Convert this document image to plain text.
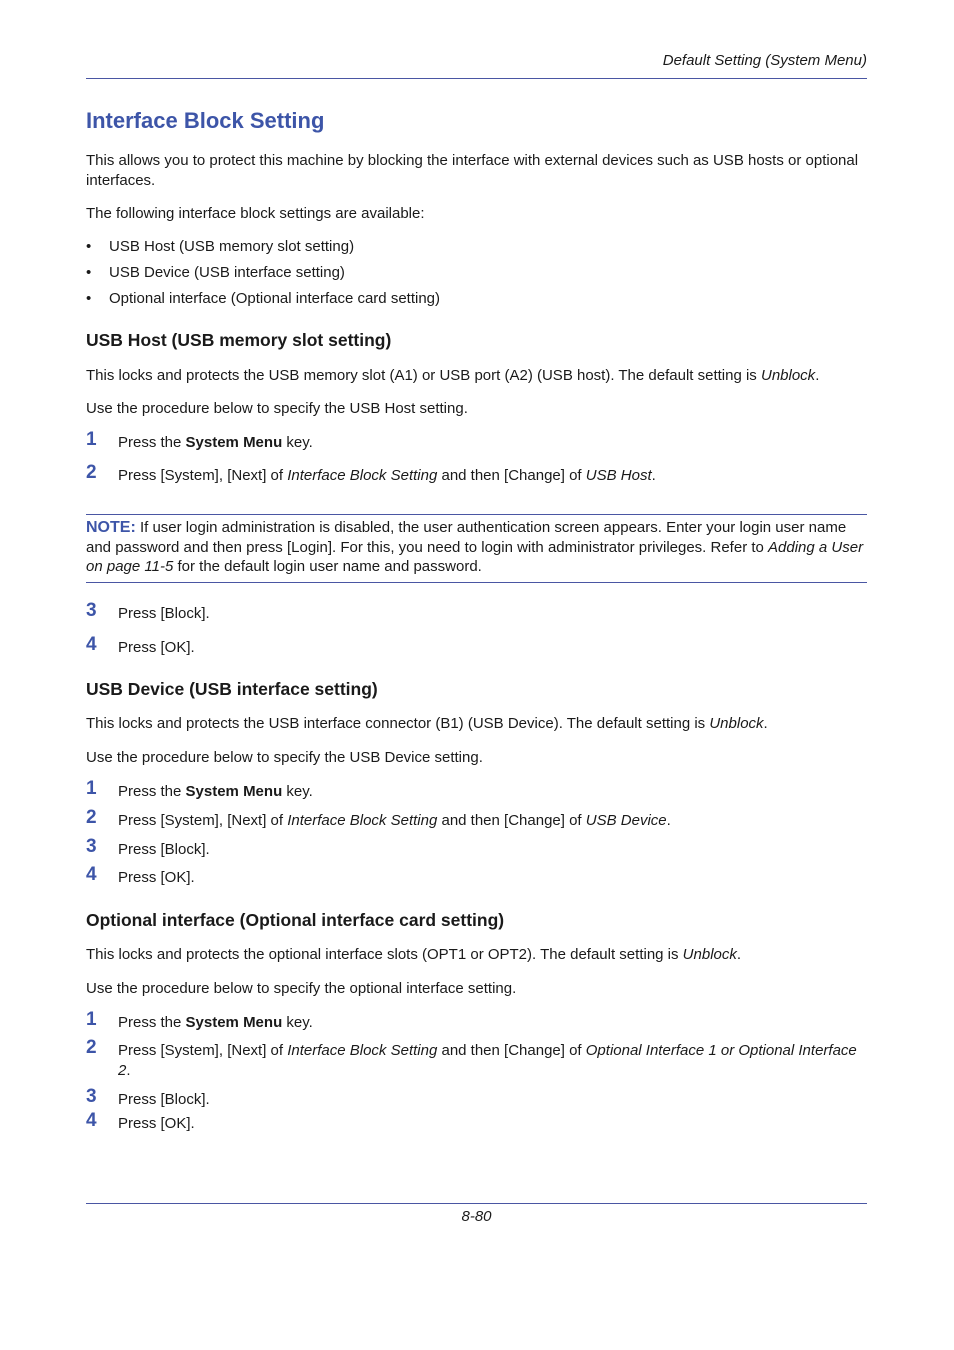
Default Setting (System Menu)
Interface Block Setting

This allows you to protect this machine by blocking the interface with external devices such as USB hosts or optional interfaces.

The following interface block settings are available:

• USB Host (USB memory slot setting)
• USB Device (USB interface setting)
• Optional interface (Optional interface card setting)
USB Host (USB memory slot setting)

This locks and protects the USB memory slot (A1) or USB port (A2) (USB host). The default setting is Unblock.

Use the procedure below to specify the USB Host setting.

1 Press the System Menu key.
2 Press [System], [Next] of Interface Block Setting and then [Change] of USB Host.

NOTE: If user login administration is disabled, the user authentication screen appears. Enter your login user name and password and then press [Login]. For this, you need to login with administrator privileges. Refer to Adding a User on page 11-5 for the default login user name and password.

3 Press [Block].
4 Press [OK].
USB Device (USB interface setting)

This locks and protects the USB interface connector (B1) (USB Device). The default setting is Unblock.

Use the procedure below to specify the USB Device setting.

1 Press the System Menu key.
2 Press [System], [Next] of Interface Block Setting and then [Change] of USB Device.
3 Press [Block].
4 Press [OK].
Optional interface (Optional interface card setting)

This locks and protects the optional interface slots (OPT1 or OPT2). The default setting is Unblock.

Use the procedure below to specify the optional interface setting.

1 Press the System Menu key.
2 Press [System], [Next] of Interface Block Setting and then [Change] of Optional Interface 1 or Optional Interface 2.
3 Press [Block].
4 Press [OK].
8-80
